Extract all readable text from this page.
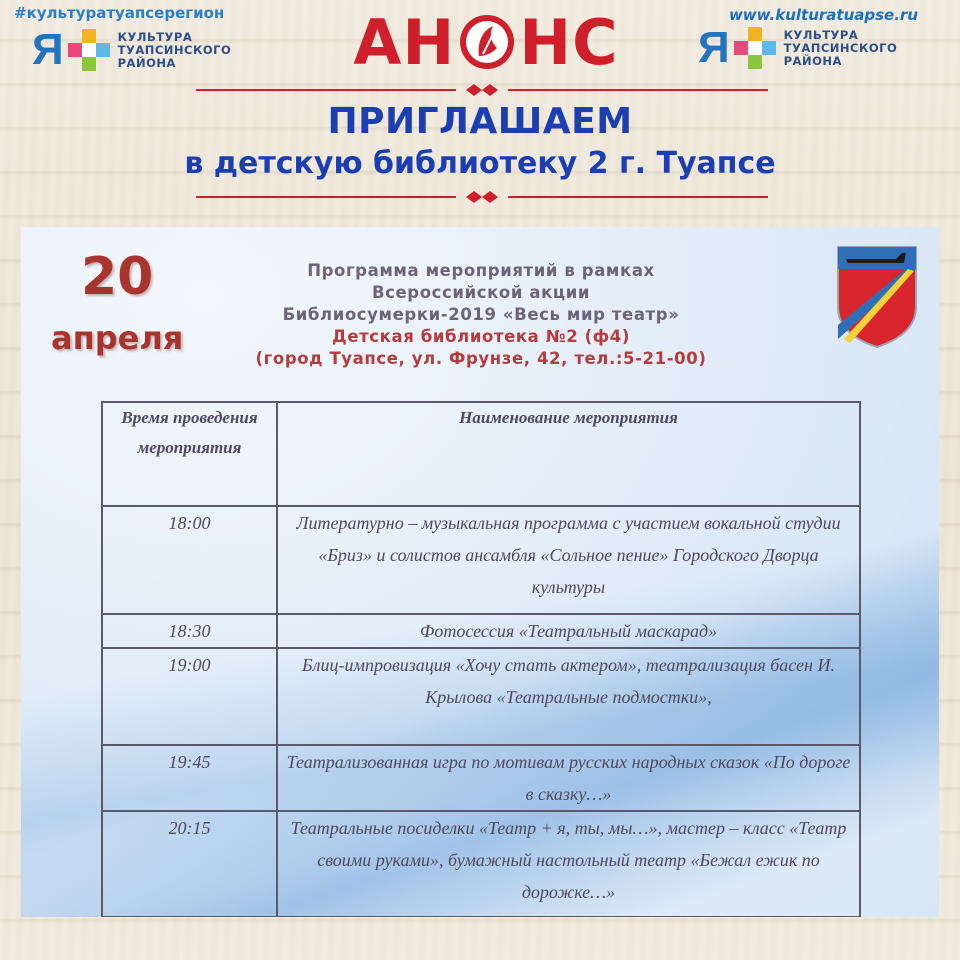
#культуратуапсерегион	www.kulturatuapse.ru
Я	КУЛЬТУРА
ТУАПСИНСКОГО
РАЙОНА	Я	КУЛЬТУРА
ТУАПСИНСКОГО
РАЙОНА
АН НС
ПРИГЛАШАЕМ
в детскую библиотеку 2 г. Туапсе
20
апреля
Программа мероприятий в рамках
Всероссийской акции
Библиосумерки-2019 «Весь мир театр»
Детская библиотека №2 (ф4)
(город Туапсе, ул. Фрунзе, 42, тел.:5-21-00)
Время проведения мероприятия	Наименование мероприятия
18:00	Литературно – музыкальная программа с участием вокальной студии «Бриз» и солистов ансамбля «Сольное пение» Городского Дворца культуры
18:30	Фотосессия «Театральный маскарад»
19:00	Блиц-импровизация «Хочу стать актером», театрализация басен И. Крылова «Театральные подмостки»,
19:45	Театрализованная игра по мотивам русских народных сказок «По дороге в сказку…»
20:15	Театральные посиделки «Театр + я, ты, мы…», мастер – класс «Театр своими руками», бумажный настольный театр «Бежал ежик по дорожке…»
